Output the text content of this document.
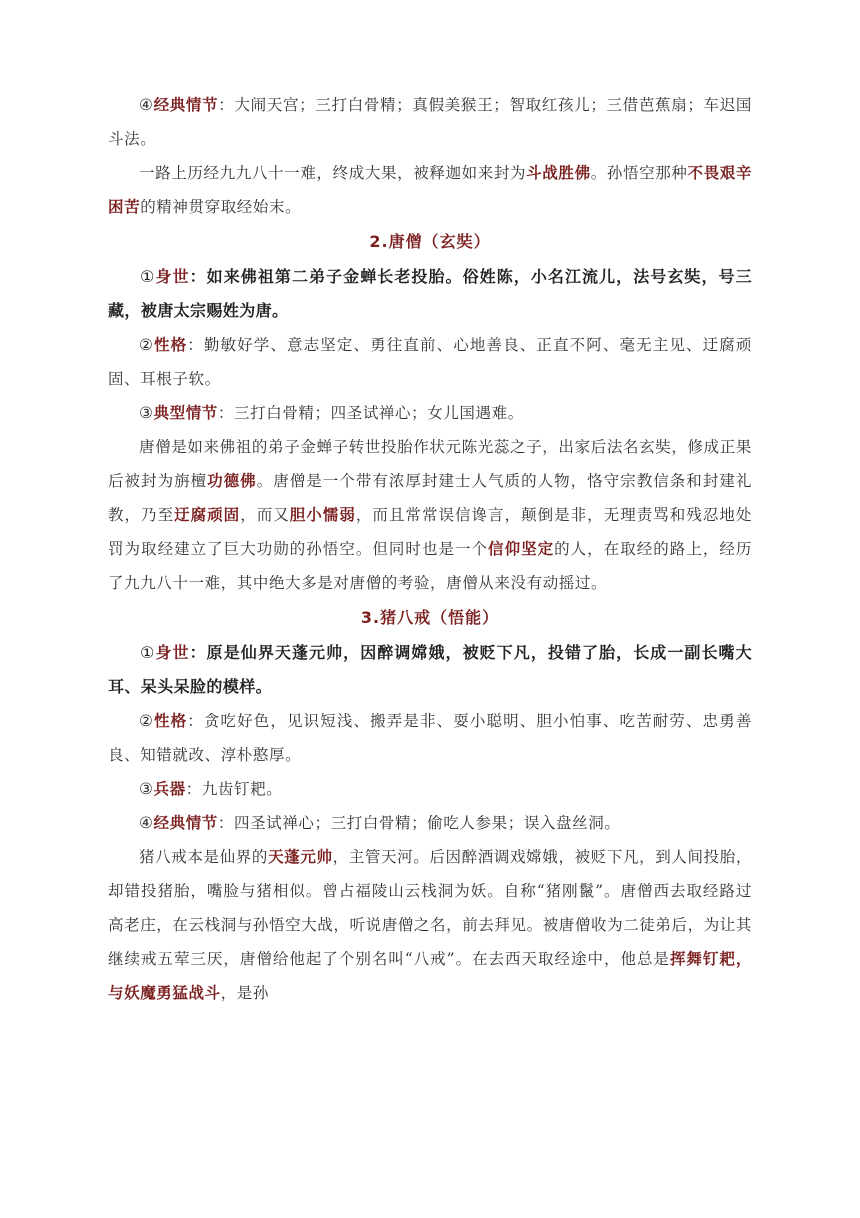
④经典情节：大闹天宫；三打白骨精；真假美猴王；智取红孩儿；三借芭蕉扇；车迟国斗法。

一路上历经九九八十一难，终成大果，被释迦如来封为斗战胜佛。孙悟空那种不畏艰辛困苦的精神贯穿取经始末。

2.唐僧（玄奘）

①身世：如来佛祖第二弟子金蝉长老投胎。俗姓陈，小名江流儿，法号玄奘，号三藏，被唐太宗赐姓为唐。

②性格：勤敏好学、意志坚定、勇往直前、心地善良、正直不阿、毫无主见、迂腐顽固、耳根子软。

③典型情节：三打白骨精；四圣试禅心；女儿国遇难。

唐僧是如来佛祖的弟子金蝉子转世投胎作状元陈光蕊之子，出家后法名玄奘，修成正果后被封为旃檀功德佛。唐僧是一个带有浓厚封建士人气质的人物，恪守宗教信条和封建礼教，乃至迂腐顽固，而又胆小懦弱，而且常常误信谗言，颠倒是非，无理责骂和残忍地处罚为取经建立了巨大功勋的孙悟空。但同时也是一个信仰坚定的人，在取经的路上，经历了九九八十一难，其中绝大多是对唐僧的考验，唐僧从来没有动摇过。

3.猪八戒（悟能）

①身世：原是仙界天蓬元帅，因醉调嫦娥，被贬下凡，投错了胎，长成一副长嘴大耳、呆头呆脸的模样。

②性格：贪吃好色，见识短浅、搬弄是非、耍小聪明、胆小怕事、吃苦耐劳、忠勇善良、知错就改、淳朴憨厚。

③兵器：九齿钉耙。

④经典情节：四圣试禅心；三打白骨精；偷吃人参果；误入盘丝洞。

猪八戒本是仙界的天蓬元帅，主管天河。后因醉酒调戏嫦娥，被贬下凡，到人间投胎，却错投猪胎，嘴脸与猪相似。曾占福陵山云栈洞为妖。自称“猪刚鬣”。唐僧西去取经路过高老庄，在云栈洞与孙悟空大战，听说唐僧之名，前去拜见。被唐僧收为二徒弟后，为让其继续戒五荤三厌，唐僧给他起了个别名叫“八戒”。在去西天取经途中，他总是挥舞钉耙，与妖魔勇猛战斗，是孙
